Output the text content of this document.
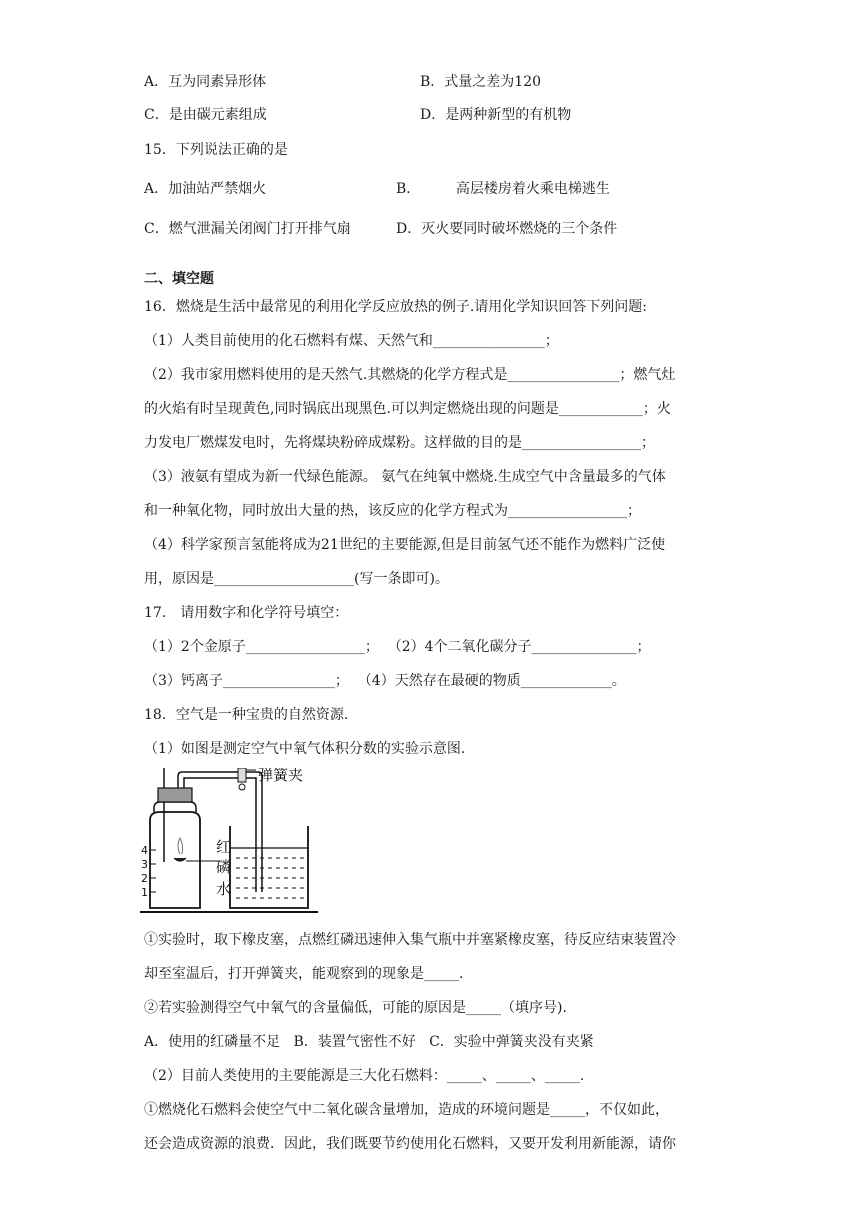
A．互为同素异形体	B．式量之差为120
C．是由碳元素组成	D．是两种新型的有机物
15．下列说法正确的是
A．加油站严禁烟火	B．        高层楼房着火乘电梯逃生
C．燃气泄漏关闭阀门打开排气扇	D．灭火要同时破坏燃烧的三个条件
二、填空题
16．燃烧是生活中最常见的利用化学反应放热的例子.请用化学知识回答下列问题:
（1）人类目前使用的化石燃料有煤、天然气和________________；
（2）我市家用燃料使用的是天然气.其燃烧的化学方程式是________________；燃气灶
的火焰有时呈现黄色,同时锅底出现黑色.可以判定燃烧出现的问题是____________；火
力发电厂燃煤发电时，先将煤块粉碎成煤粉。这样做的目的是_________________；
（3）液氨有望成为新一代绿色能源。 氨气在纯氧中燃烧.生成空气中含量最多的气体
和一种氧化物，同时放出大量的热，该反应的化学方程式为_________________；
（4）科学家预言氢能将成为21世纪的主要能源,但是目前氢气还不能作为燃料广泛使
用，原因是____________________(写一条即可)。
17． 请用数字和化学符号填空：
（1）2个金原子_________________；  （2）4个二氧化碳分子_______________；
（3）钙离子________________；  （4）天然存在最硬的物质_____________。
18．空气是一种宝贵的自然资源.
（1）如图是测定空气中氧气体积分数的实验示意图.
4
3
2
1
弹簧夹
红
磷
水
①实验时，取下橡皮塞，点燃红磷迅速伸入集气瓶中并塞紧橡皮塞，待反应结束装置冷
却至室温后，打开弹簧夹，能观察到的现象是_____.
②若实验测得空气中氧气的含量偏低，可能的原因是_____（填序号).
A．使用的红磷量不足   B．装置气密性不好   C．实验中弹簧夹没有夹紧
（2）目前人类使用的主要能源是三大化石燃料：_____、_____、_____.
①燃烧化石燃料会使空气中二氧化碳含量增加，造成的环境问题是_____，不仅如此，
还会造成资源的浪费．因此，我们既要节约使用化石燃料，又要开发利用新能源，请你
